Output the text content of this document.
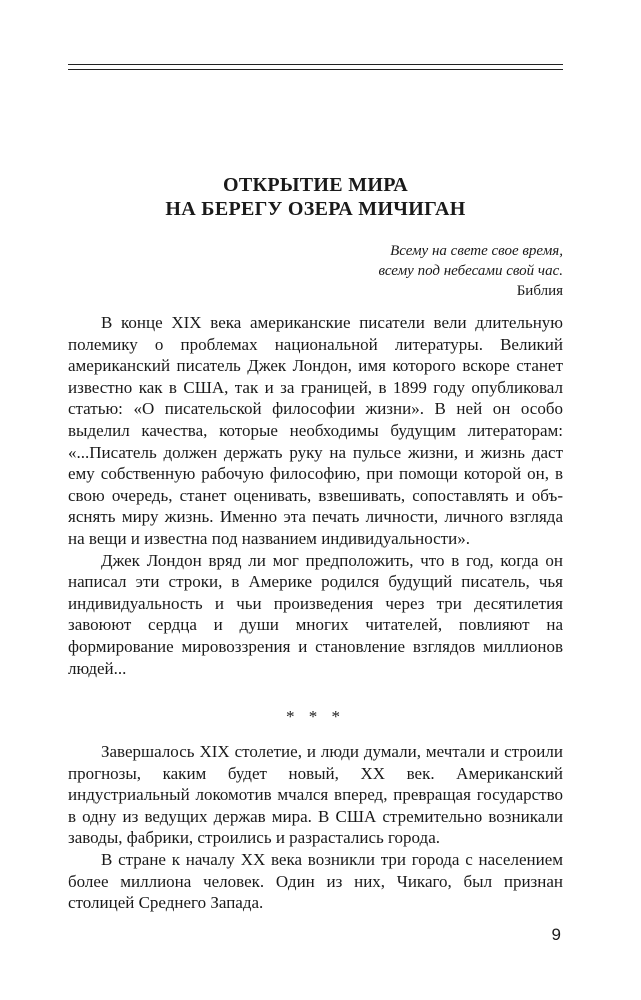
ОТКРЫТИЕ МИРА
НА БЕРЕГУ ОЗЕРА МИЧИГАН
Всему на свете свое время,
всему под небесами свой час.
Библия

В конце XIX века американские писатели вели длительную полемику о проблемах национальной литературы. Великий американский писатель Джек Лондон, имя которого вскоре станет известно как в США, так и за границей, в 1899 году опубликовал статью: «О писательской философии жизни». В ней он особо выделил качества, которые необходимы будущим литераторам: «...Писатель должен держать руку на пульсе жизни, и жизнь даст ему собственную рабочую философию, при помощи которой он, в свою очередь, станет оценивать, взвешивать, сопоставлять и объяснять миру жизнь. Именно эта печать личности, личного взгляда на вещи и известна под названием индивидуальности».

Джек Лондон вряд ли мог предположить, что в год, когда он написал эти строки, в Америке родился будущий писатель, чья индивидуальность и чьи произведения через три десятилетия завоюют сердца и души многих читателей, повлияют на формирование мировоззрения и становление взглядов миллионов людей...

* * *

Завершалось XIX столетие, и люди думали, мечтали и строили прогнозы, каким будет новый, XX век. Американский индустриальный локомотив мчался вперед, превращая государство в одну из ведущих держав мира. В США стремительно возникали заводы, фабрики, строились и разрастались города.

В стране к началу XX века возникли три города с населением более миллиона человек. Один из них, Чикаго, был признан столицей Среднего Запада.

9
